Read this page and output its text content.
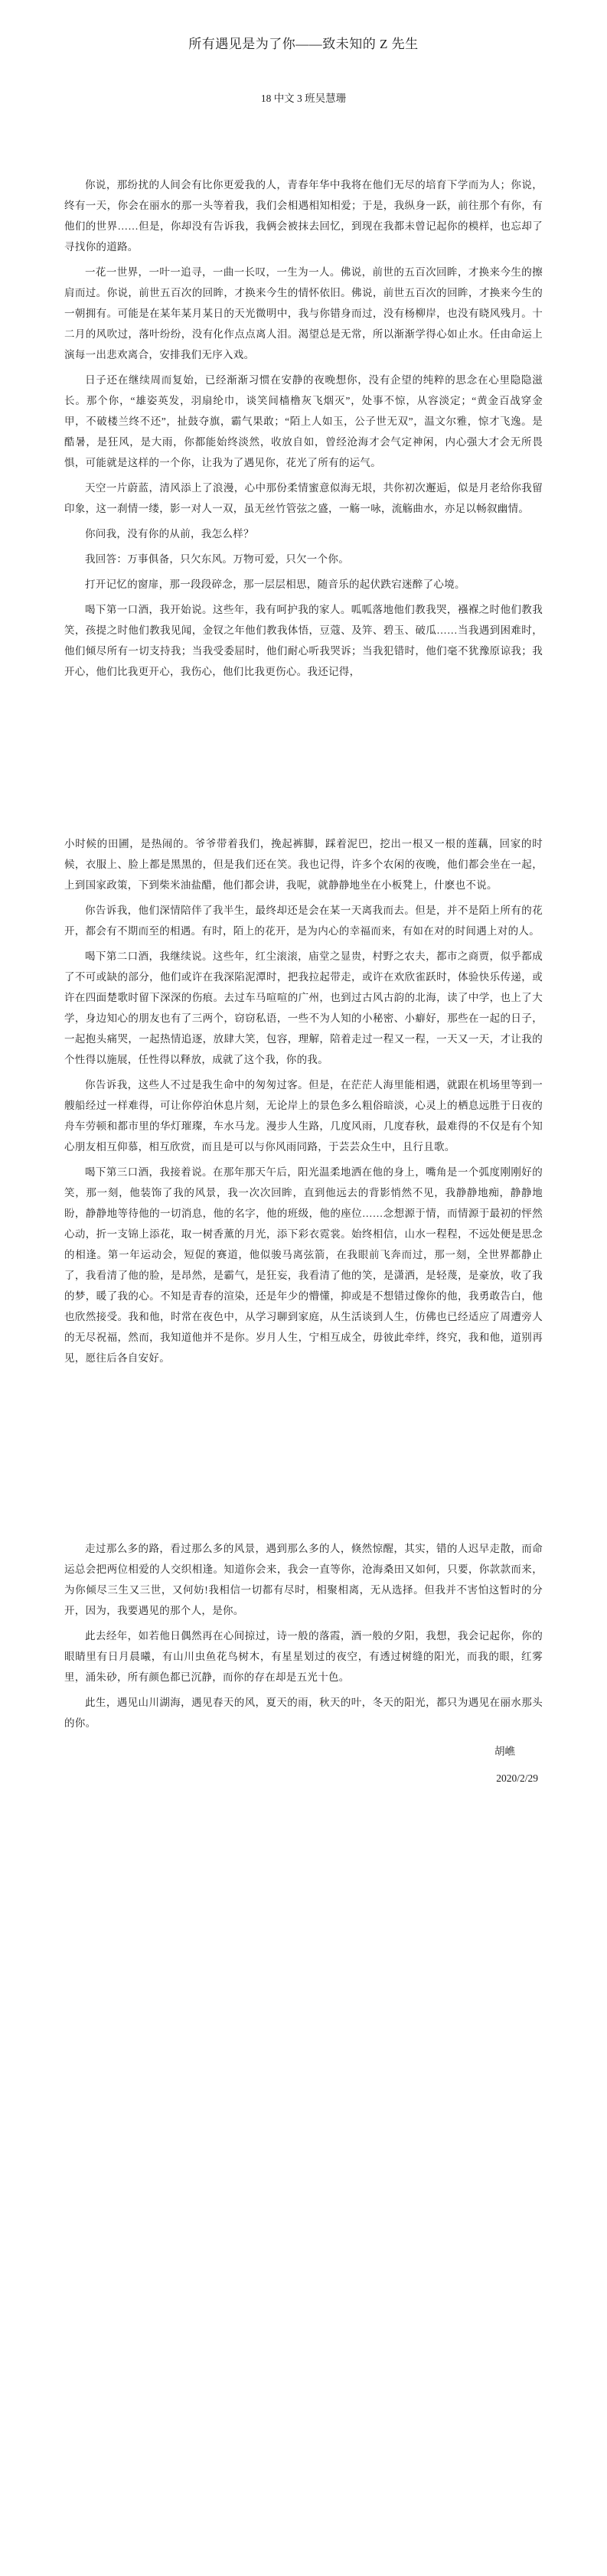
所有遇见是为了你——致未知的 Z 先生
18 中文 3 班吴慧珊

你说，那纷扰的人间会有比你更爱我的人，青春年华中我将在他们无尽的培育下学而为人；你说，终有一天，你会在丽水的那一头等着我，我们会相遇相知相爱；于是，我纵身一跃，前往那个有你，有他们的世界……但是，你却没有告诉我，我俩会被抹去回忆，到现在我都未曾记起你的模样，也忘却了寻找你的道路。

一花一世界，一叶一追寻，一曲一长叹，一生为一人。佛说，前世的五百次回眸，才换来今生的擦肩而过。你说，前世五百次的回眸，才换来今生的情怀依旧。佛说，前世五百次的回眸，才换来今生的一朝拥有。可能是在某年某月某日的天光微明中，我与你错身而过，没有杨柳岸，也没有晓风残月。十二月的风吹过，落叶纷纷，没有化作点点离人泪。渴望总是无常，所以渐渐学得心如止水。任由命运上演每一出悲欢离合，安排我们无序入戏。

日子还在继续周而复始，已经渐渐习惯在安静的夜晚想你，没有企望的纯粹的思念在心里隐隐滋长。那个你，“雄姿英发，羽扇纶巾，谈笑间樯橹灰飞烟灭”，处事不惊，从容淡定；“黄金百战穿金甲，不破楼兰终不还”，扯鼓夺旗，霸气果敢；“陌上人如玉，公子世无双”，温文尔雅，惊才飞逸。是酷暑，是狂风，是大雨，你都能始终淡然，收放自如，曾经沧海才会气定神闲，内心强大才会无所畏惧，可能就是这样的一个你，让我为了遇见你，花光了所有的运气。

天空一片蔚蓝，清风添上了浪漫，心中那份柔情蜜意似海无垠，共你初次邂逅，似是月老给你我留印象，这一刹情一缕，影一对人一双，虽无丝竹管弦之盛，一觞一咏，流觞曲水，亦足以畅叙幽情。

你问我，没有你的从前，我怎么样？

我回答：万事俱备，只欠东风。万物可爱，只欠一个你。

打开记忆的窗扉，那一段段碎念，那一层层相思，随音乐的起伏跌宕迷醉了心境。

喝下第一口酒，我开始说。这些年，我有呵护我的家人。呱呱落地他们教我哭，襁褓之时他们教我笑，孩提之时他们教我见闻，金钗之年他们教我体悟，豆蔻、及笄、碧玉、破瓜……当我遇到困难时，他们倾尽所有一切支持我；当我受委屈时，他们耐心听我哭诉；当我犯错时，他们毫不犹豫原谅我；我开心，他们比我更开心，我伤心，他们比我更伤心。我还记得，

小时候的田圃，是热闹的。爷爷带着我们，挽起裤脚，踩着泥巴，挖出一根又一根的莲藕，回家的时候，衣服上、脸上都是黑黑的，但是我们还在笑。我也记得，许多个农闲的夜晚，他们都会坐在一起，上到国家政策，下到柴米油盐醋，他们都会讲，我呢，就静静地坐在小板凳上，什麽也不说。

你告诉我，他们深情陪伴了我半生，最终却还是会在某一天离我而去。但是，并不是陌上所有的花开，都会有不期而至的相遇。有时，陌上的花开，是为内心的幸福而来，有如在对的时间遇上对的人。

喝下第二口酒，我继续说。这些年，红尘滚滚，庙堂之显贵，村野之农夫，都市之商贾，似乎都成了不可或缺的部分，他们或许在我深陷泥潭时，把我拉起带走，或许在欢欣雀跃时，体验快乐传递，或许在四面楚歌时留下深深的伤痕。去过车马喧喧的广州，也到过古风古韵的北海，读了中学，也上了大学，身边知心的朋友也有了三两个，窃窃私语，一些不为人知的小秘密、小癖好，那些在一起的日子，一起抱头痛哭，一起热情追逐，放肆大笑，包容，理解，陪着走过一程又一程，一天又一天，才让我的个性得以施展，任性得以释放，成就了这个我，你的我。

你告诉我，这些人不过是我生命中的匆匆过客。但是，在茫茫人海里能相遇，就跟在机场里等到一艘船经过一样难得，可让你停泊休息片刻，无论岸上的景色多么粗俗暗淡，心灵上的栖息远胜于日夜的舟车劳顿和都市里的华灯璀璨，车水马龙。漫步人生路，几度风雨，几度春秋，最难得的不仅是有个知心朋友相互仰慕，相互欣赏，而且是可以与你风雨同路，于芸芸众生中，且行且歌。

喝下第三口酒，我接着说。在那年那天午后，阳光温柔地洒在他的身上，嘴角是一个弧度刚刚好的笑，那一刻，他装饰了我的风景，我一次次回眸，直到他远去的背影悄然不见，我静静地痴，静静地盼，静静地等待他的一切消息，他的名字，他的班级，他的座位……念想源于情，而情源于最初的怦然心动，折一支锦上添花，取一树香薰的月光，添下彩衣霓裳。始终相信，山水一程程，不远处便是思念的相逢。第一年运动会，短促的赛道，他似骏马离弦箭，在我眼前飞奔而过，那一刻，全世界都静止了，我看清了他的脸，是昂然，是霸气，是狂妄，我看清了他的笑，是潇洒，是轻蔑，是豪放，收了我的梦，暖了我的心。不知是青春的渲染，还是年少的懵懂，抑或是不想错过像你的他，我勇敢告白，他也欣然接受。我和他，时常在夜色中，从学习聊到家庭，从生活谈到人生，仿佛也已经适应了周遭旁人的无尽祝福，然而，我知道他并不是你。岁月人生，宁相互成全，毋彼此牵绊，终究，我和他，道别再见，愿往后各自安好。

走过那么多的路，看过那么多的风景，遇到那么多的人，倏然惊醒，其实，错的人迟早走散，而命运总会把两位相爱的人交织相逢。知道你会来，我会一直等你，沧海桑田又如何，只要，你款款而来，为你倾尽三生又三世，又何妨!我相信一切都有尽时，相聚相离，无从选择。但我并不害怕这暂时的分开，因为，我要遇见的那个人，是你。

此去经年，如若他日偶然再在心间掠过，诗一般的落霞，酒一般的夕阳，我想，我会记起你，你的眼睛里有日月晨曦，有山川虫鱼花鸟树木，有星星划过的夜空，有透过树缝的阳光，而我的眼，红雾里，涌朱砂，所有颜色都已沉静，而你的存在却是五光十色。

此生，遇见山川湖海，遇见春天的风，夏天的雨，秋天的叶，冬天的阳光，都只为遇见在丽水那头的你。

胡嶕
2020/2/29
